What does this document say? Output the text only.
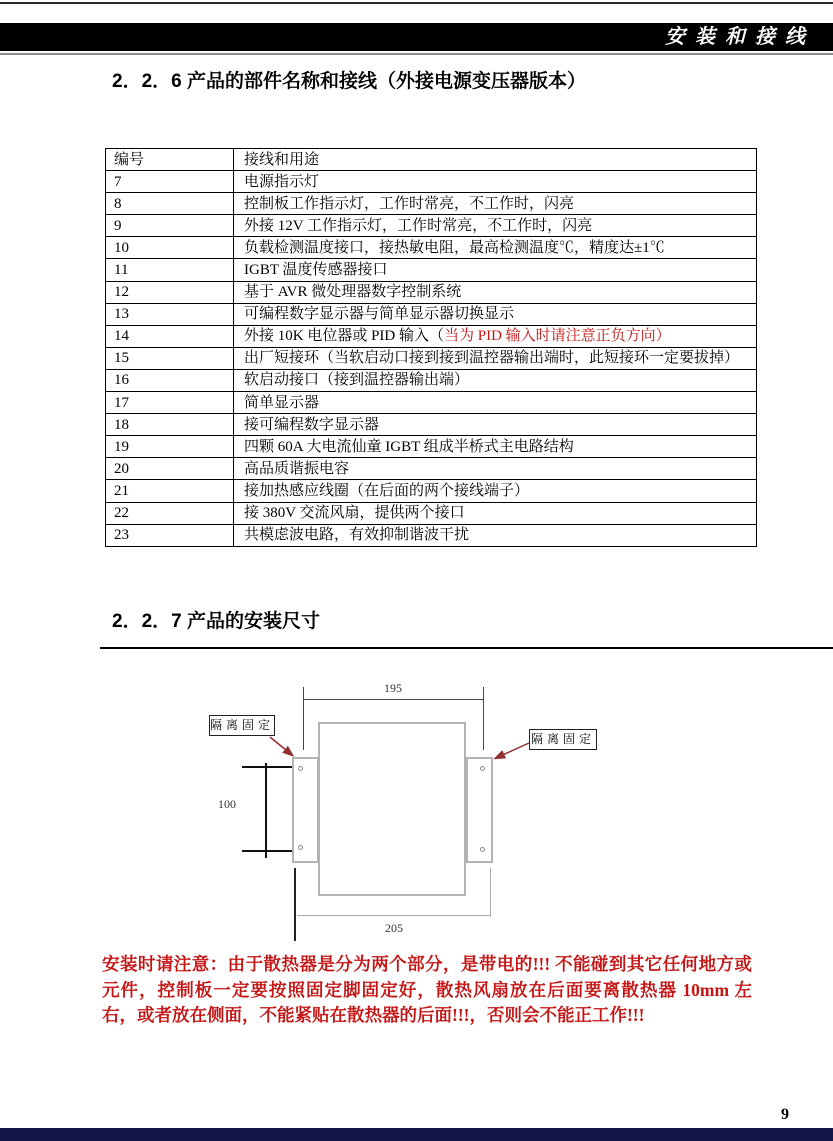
安装和接线
2．2．6 产品的部件名称和接线（外接电源变压器版本）
编号	接线和用途
7	电源指示灯
8	控制板工作指示灯，工作时常亮，不工作时，闪亮
9	外接 12V 工作指示灯，工作时常亮，不工作时，闪亮
10	负载检测温度接口，接热敏电阻，最高检测温度℃，精度达±1℃
11	IGBT 温度传感器接口
12	基于 AVR 微处理器数字控制系统
13	可编程数字显示器与简单显示器切换显示
14	外接 10K 电位器或 PID 输入（当为 PID 输入时请注意正负方向）
15	出厂短接环（当软启动口接到接到温控器输出端时，此短接环一定要拔掉）
16	软启动接口（接到温控器输出端）
17	简单显示器
18	接可编程数字显示器
19	四颗 60A 大电流仙童 IGBT 组成半桥式主电路结构
20	高品质谐振电容
21	接加热感应线圈（在后面的两个接线端子）
22	接 380V 交流风扇，提供两个接口
23	共模虑波电路，有效抑制谐波干扰
2．2．7 产品的安装尺寸
195
100
隔离固定
隔离固定
205
安装时请注意：由于散热器是分为两个部分，是带电的!!! 不能碰到其它任何地方或元件，控制板一定要按照固定脚固定好，散热风扇放在后面要离散热器 10mm 左右，或者放在侧面，不能紧贴在散热器的后面!!!，否则会不能正工作!!!
9
